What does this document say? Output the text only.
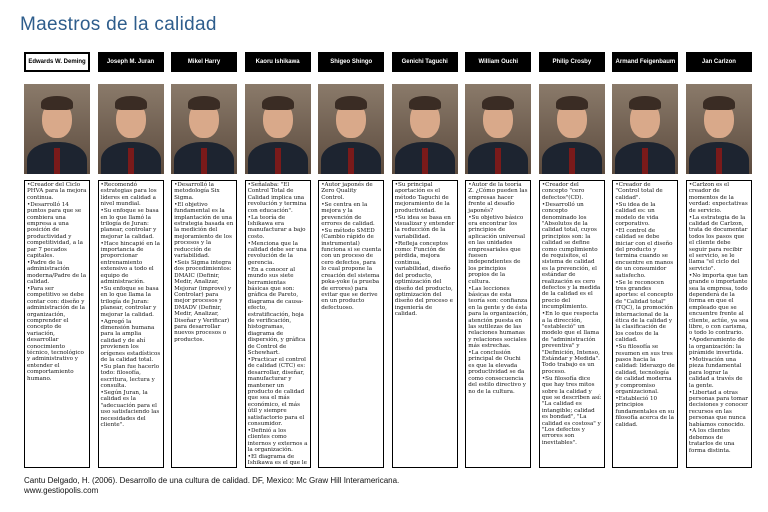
Maestros de la calidad
Edwards W. Deming

•Creador del Ciclo PHVA para la mejora continua.

•Desarrolló 14 puntos para que se combiera una empresa a una posición de productividad y competitividad, a la par 7 pecados capitales.

•Padre de la administración moderna/Padre de la calidad.

•Para ser competitivo se debe contar con: diseño y administración de la organización, comprender el concepto de variación, desarrollar conocimiento técnico, tecnológico y administrativo y entender el comportamiento humano.

Joseph M. Juran

•Recomendó estrategias para los líderes en calidad a nivel mundial.

•Su enfoque se basa en lo que llamó la trilogía de Juran: planear, controlar y mejorar la calidad.

•Hace hincapié en la importancia de proporcionar entrenamiento extensivo a todo el equipo de administración.

•Su enfoque se basa en lo que llama la trilogía de Juran: planear, controlar y mejorar la calidad.

•Agregó la dimensión humana para la amplia calidad y de ahí provienen los orígenes estadísticos de la calidad total.

•Su plan fue hacerlo todo: filosofía, escritura, lectura y consulta.

•Según Juran, la calidad es la "adecuación para el uso satisfaciendo las necesidades del cliente".

Mikel Harry

•Desarrolló la metodología Six Sigma.

•El objetivo fundamental es la implantación de una estrategia basada en la medición del mejoramiento de los procesos y la reducción de variabilidad.

•Seis Sigma integra dos procedimientos: DMAIC (Definir, Medir, Analizar, Mejorar (improve) y Controlar) para mejor procesos y DMADV (Definir, Medir, Analizar, Diseñar y Verificar) para desarrollar nuevos procesos o productos.

Kaoru Ishikawa

•Señalaba: "El Control Total de Calidad implica una revolución y termina con educación".

•La teoría de Ishikawa era manufacturar a bajo costo.

•Menciona que la calidad debe ser una revolución de la gerencia.

•En a conocer al mundo sus siete herramientas básicas que son: gráfica de Pareto, diagrama de causa-efecto, estratificación, hoja de verificación, histogramas, diagrama de dispersión, y gráfica de Control de Schewhart.

•Practicar el control de calidad (CTC) es: desarrollar, diseñar, manufacturar y mantener un producto de calidad que sea el más económico, el más útil y siempre satisfactorio para el consumidor.

•Definió a los clientes como internos y externos a la organización.

•El diagrama de Ishikawa es el que le

Shigeo Shingo

•Autor japonés de Zero Quality Control.

•Se centra en la mejora y la prevención de errores de calidad.

•Su método SMED (Cambio rápido de instrumental) funciona si se cuenta con un proceso de cero defectos, para lo cual propone la creación del sistema poka-yoke (a prueba de errores) para evitar que se derive en un producto defectuoso.

Genichi Taguchi

•Su principal aportación es el método Taguchi de mejoramiento de la productividad.

•Su idea se basa en visualizar y entender la reducción de la variabilidad.

•Refleja conceptos como: Función de pérdida, mejora continua, variabilidad, diseño del producto, optimización del diseño del producto, optimización del diseño del proceso e ingeniería de calidad.

William Ouchi

•Autor de la teoría Z. ¿Cómo pueden las empresas hacer frente al desafío japonés?

•Su objetivo básico era encontrar los principios de aplicación universal en las unidades empresariales que fuesen independientes de los principios propios de la cultura.

•Las lecciones básicas de esta teoría son: confianza en la gente y de ésta para la organización, atención puesta en las sutilezas de las relaciones humanas y relaciones sociales más estrechas.

•La conclusión principal de Ouchi es que la elevada productividad se da como consecuencia del estilo directivo y no de la cultura.

Philip Crosby

•Creador del concepto "cero defectos"(CD).

•Desarrolló un concepto denominado los "Absolutos de la calidad total, cuyos principios son: la calidad se define como cumplimiento de requisitos, el sistema de calidad es la prevención, el estándar de realización es cero defectos y la medida de la calidad es el precio del incumplimiento.

•En lo que respecta a la dirección, "estableció" un modelo que el llama de "administración preventiva" y "Definición, Intenso, Estándar y Medida". Todo trabajo es un proceso.

•Su filosofía dice que hay tres mitos sobre la calidad y que se describen así: "La calidad es intangible; calidad es bondad", "La calidad es costosa" y "Los defectos y errores son inevitables".

Armand Feigenbaum

•Creador de "Control total de calidad".

•Su idea de la calidad es: un modelo de vida corporativo.

•El control de calidad se debe iniciar con el diseño del producto y termina cuando se encuentre en manos de un consumidor satisfecho.

•Se le reconocen tres grandes aportes: el concepto de "Calidad total"(TQC), la promoción internacional de la ética de la calidad y la clasificación de los costos de la calidad.

•Su filosofía se resumen en sus tres pasos hacia la calidad: liderazgo de calidad, tecnología de calidad moderna y compromiso organizacional.

•Estableció 10 principios fundamentales en su filosofía acerca de la calidad.

Jan Carlzon

•Carlzon es el creador de momentos de la verdad: expectativas de servicio.

•La estrategia de la calidad de Carlzon, trata de documentar todos los pasos que el cliente debe seguir para recibir el servicio, se le llama "el ciclo del servicio".

•No importa que tan grande o importante sea la empresa, todo dependerá de la forma en que el empleado que se encuentre frente al cliente, actúe, ya sea libre, o con carisma, o todo lo contrario.

•Apoderamiento de la organización: la pirámide invertida.

•Motivación una pieza fundamental para lograr la calidad a través de la gente.

•Libertad a otras personas para tomar decisiones y conocer recursos en las personas que nunca habíamos conocido.

•A los clientes debemos de tratarlos de una forma distinta.

Cantu Delgado, H. (2006). Desarrollo de una cultura de calidad. DF, Mexico: Mc Graw Hill Interamericana.
www.gestiopolis.com
